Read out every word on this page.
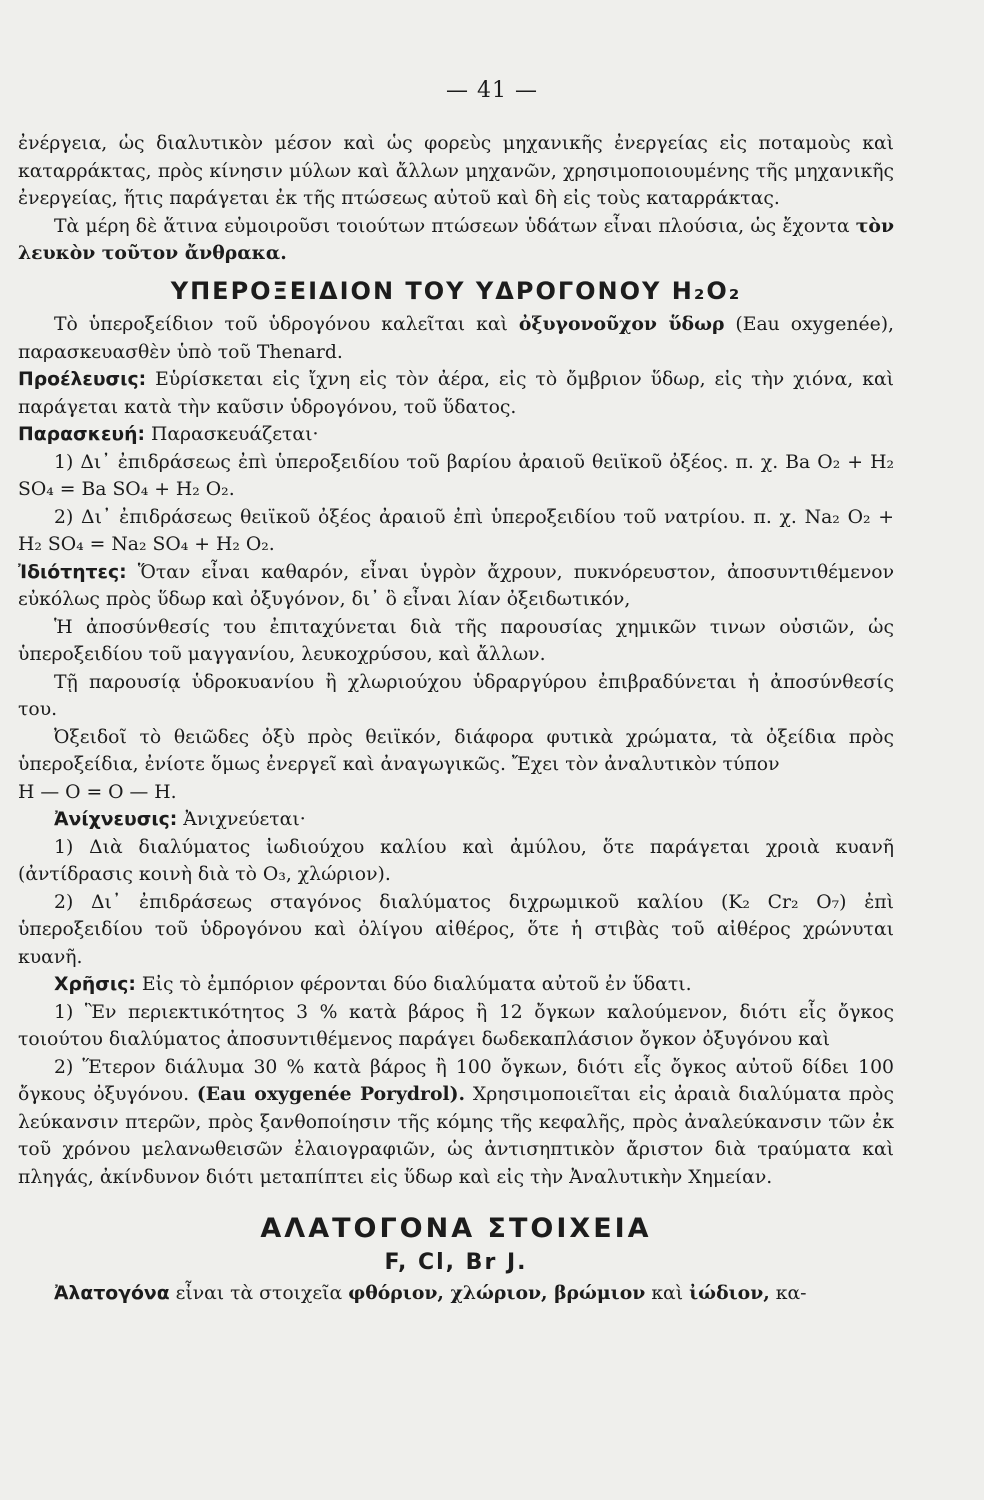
— 41 —

ἐνέργεια, ὡς διαλυτικὸν μέσον καὶ ὡς φορεὺς μηχανικῆς ἐνεργείας εἰς ποταμοὺς καὶ καταρράκτας, πρὸς κίνησιν μύλων καὶ ἄλλων μηχανῶν, χρησιμοποιουμένης τῆς μηχανικῆς ἐνεργείας, ἥτις παράγεται ἐκ τῆς πτώσεως αὐτοῦ καὶ δὴ εἰς τοὺς καταρράκτας.

Τὰ μέρη δὲ ἅτινα εὐμοιροῦσι τοιούτων πτώσεων ὑδάτων εἶναι πλούσια, ὡς ἔχοντα τὸν λευκὸν τοῦτον ἄνθρακα.

ΥΠΕΡΟΞΕΙΔΙΟΝ ΤΟΥ ΥΔΡΟΓΟΝΟΥ H₂O₂

Τὸ ὑπεροξείδιον τοῦ ὑδρογόνου καλεῖται καὶ ὀξυγονοῦχον ὕδωρ (Eau oxygenée), παρασκευασθὲν ὑπὸ τοῦ Thenard.

Προέλευσις: Εὑρίσκεται εἰς ἴχνη εἰς τὸν ἀέρα, εἰς τὸ ὄμβριον ὕδωρ, εἰς τὴν χιόνα, καὶ παράγεται κατὰ τὴν καῦσιν ὑδρογόνου, τοῦ ὕδατος.

Παρασκευή: Παρασκευάζεται·

1) Δι᾿ ἐπιδράσεως ἐπὶ ὑπεροξειδίου τοῦ βαρίου ἀραιοῦ θειϊκοῦ ὀξέος. π. χ. Ba O₂ + H₂ SO₄ = Ba SO₄ + H₂ O₂.

2) Δι᾿ ἐπιδράσεως θειϊκοῦ ὀξέος ἀραιοῦ ἐπὶ ὑπεροξειδίου τοῦ νατρίου. π. χ. Na₂ O₂ + H₂ SO₄ = Na₂ SO₄ + H₂ O₂.

Ἰδιότητες: Ὅταν εἶναι καθαρόν, εἶναι ὑγρὸν ἄχρουν, πυκνόρευστον, ἀποσυντιθέμενον εὐκόλως πρὸς ὕδωρ καὶ ὀξυγόνον, δι᾿ ὃ εἶναι λίαν ὀξειδωτικόν,

Ἡ ἀποσύνθεσίς του ἐπιταχύνεται διὰ τῆς παρουσίας χημικῶν τινων οὐσιῶν, ὡς ὑπεροξειδίου τοῦ μαγγανίου, λευκοχρύσου, καὶ ἄλλων.

Τῇ παρουσίᾳ ὑδροκυανίου ἢ χλωριούχου ὑδραργύρου ἐπιβραδύνεται ἡ ἀποσύνθεσίς του.

Ὀξειδοῖ τὸ θειῶδες ὀξὺ πρὸς θειϊκόν, διάφορα φυτικὰ χρώματα, τὰ ὀξείδια πρὸς ὑπεροξείδια, ἐνίοτε ὅμως ἐνεργεῖ καὶ ἀναγωγικῶς. Ἔχει τὸν ἀναλυτικὸν τύπον

H — O = O — H.

Ἀνίχνευσις: Ἀνιχνεύεται·

1) Διὰ διαλύματος ἰωδιούχου καλίου καὶ ἀμύλου, ὅτε παράγεται χροιὰ κυανῆ (ἀντίδρασις κοινὴ διὰ τὸ O₃, χλώριον).

2) Δι᾿ ἐπιδράσεως σταγόνος διαλύματος διχρωμικοῦ καλίου (K₂ Cr₂ O₇) ἐπὶ ὑπεροξειδίου τοῦ ὑδρογόνου καὶ ὀλίγου αἰθέρος, ὅτε ἡ στιβὰς τοῦ αἰθέρος χρώνυται κυανῆ.

Χρῆσις: Εἰς τὸ ἐμπόριον φέρονται δύο διαλύματα αὐτοῦ ἐν ὕδατι.

1) Ἓν περιεκτικότητος 3 % κατὰ βάρος ἢ 12 ὄγκων καλούμενον, διότι εἷς ὄγκος τοιούτου διαλύματος ἀποσυντιθέμενος παράγει δωδεκαπλάσιον ὄγκον ὀξυγόνου καὶ

2) Ἕτερον διάλυμα 30 % κατὰ βάρος ἢ 100 ὄγκων, διότι εἷς ὄγκος αὐτοῦ δίδει 100 ὄγκους ὀξυγόνου. (Eau oxygenée Porydrol). Χρησιμοποιεῖται εἰς ἀραιὰ διαλύματα πρὸς λεύκανσιν πτερῶν, πρὸς ξανθοποίησιν τῆς κόμης τῆς κεφαλῆς, πρὸς ἀναλεύκανσιν τῶν ἐκ τοῦ χρόνου μελανωθεισῶν ἐλαιογραφιῶν, ὡς ἀντισηπτικὸν ἄριστον διὰ τραύματα καὶ πληγάς, ἀκίνδυνον διότι μεταπίπτει εἰς ὕδωρ καὶ εἰς τὴν Ἀναλυτικὴν Χημείαν.

ΑΛΑΤΟΓΟΝΑ ΣΤΟΙΧΕΙΑ
F, Cl, Br J.

Ἀλατογόνα εἶναι τὰ στοιχεῖα φθόριον, χλώριον, βρώμιον καὶ ἰώδιον, κα-
